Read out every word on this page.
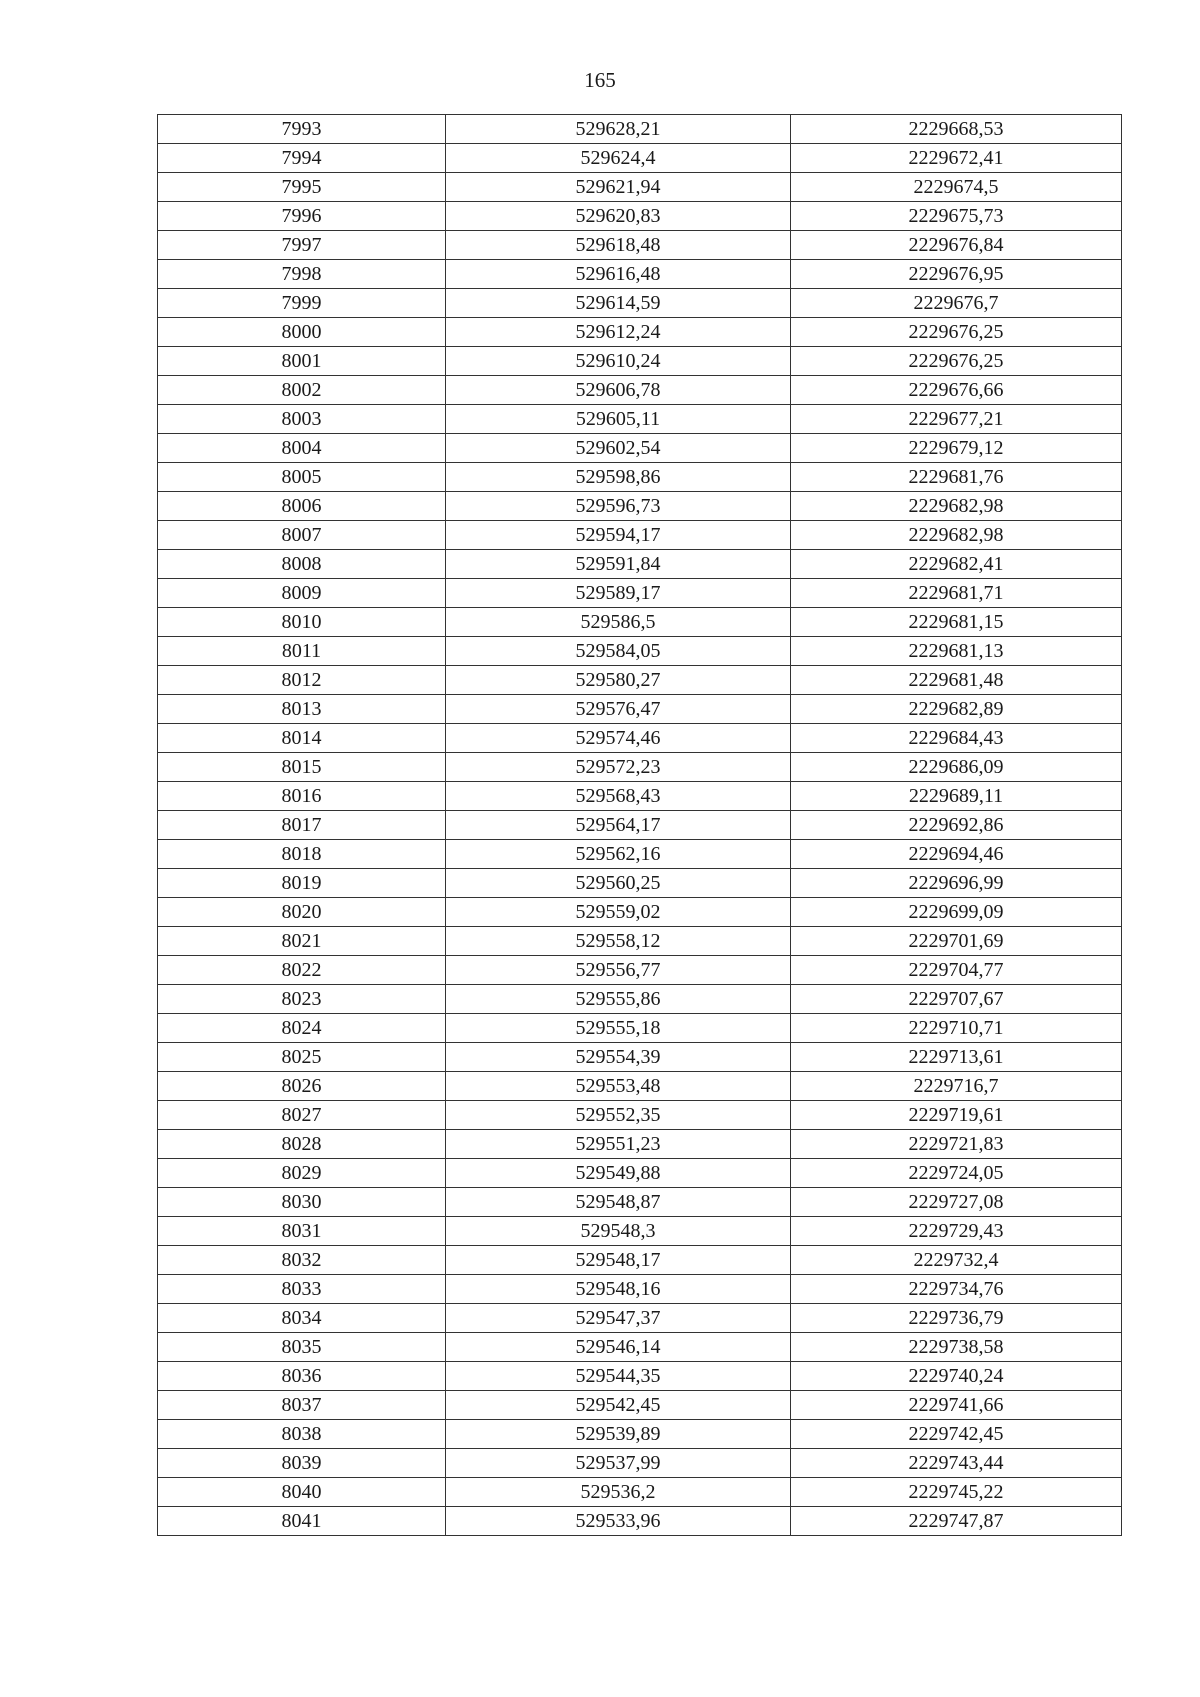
165
7993	529628,21	2229668,53
7994	529624,4	2229672,41
7995	529621,94	2229674,5
7996	529620,83	2229675,73
7997	529618,48	2229676,84
7998	529616,48	2229676,95
7999	529614,59	2229676,7
8000	529612,24	2229676,25
8001	529610,24	2229676,25
8002	529606,78	2229676,66
8003	529605,11	2229677,21
8004	529602,54	2229679,12
8005	529598,86	2229681,76
8006	529596,73	2229682,98
8007	529594,17	2229682,98
8008	529591,84	2229682,41
8009	529589,17	2229681,71
8010	529586,5	2229681,15
8011	529584,05	2229681,13
8012	529580,27	2229681,48
8013	529576,47	2229682,89
8014	529574,46	2229684,43
8015	529572,23	2229686,09
8016	529568,43	2229689,11
8017	529564,17	2229692,86
8018	529562,16	2229694,46
8019	529560,25	2229696,99
8020	529559,02	2229699,09
8021	529558,12	2229701,69
8022	529556,77	2229704,77
8023	529555,86	2229707,67
8024	529555,18	2229710,71
8025	529554,39	2229713,61
8026	529553,48	2229716,7
8027	529552,35	2229719,61
8028	529551,23	2229721,83
8029	529549,88	2229724,05
8030	529548,87	2229727,08
8031	529548,3	2229729,43
8032	529548,17	2229732,4
8033	529548,16	2229734,76
8034	529547,37	2229736,79
8035	529546,14	2229738,58
8036	529544,35	2229740,24
8037	529542,45	2229741,66
8038	529539,89	2229742,45
8039	529537,99	2229743,44
8040	529536,2	2229745,22
8041	529533,96	2229747,87
